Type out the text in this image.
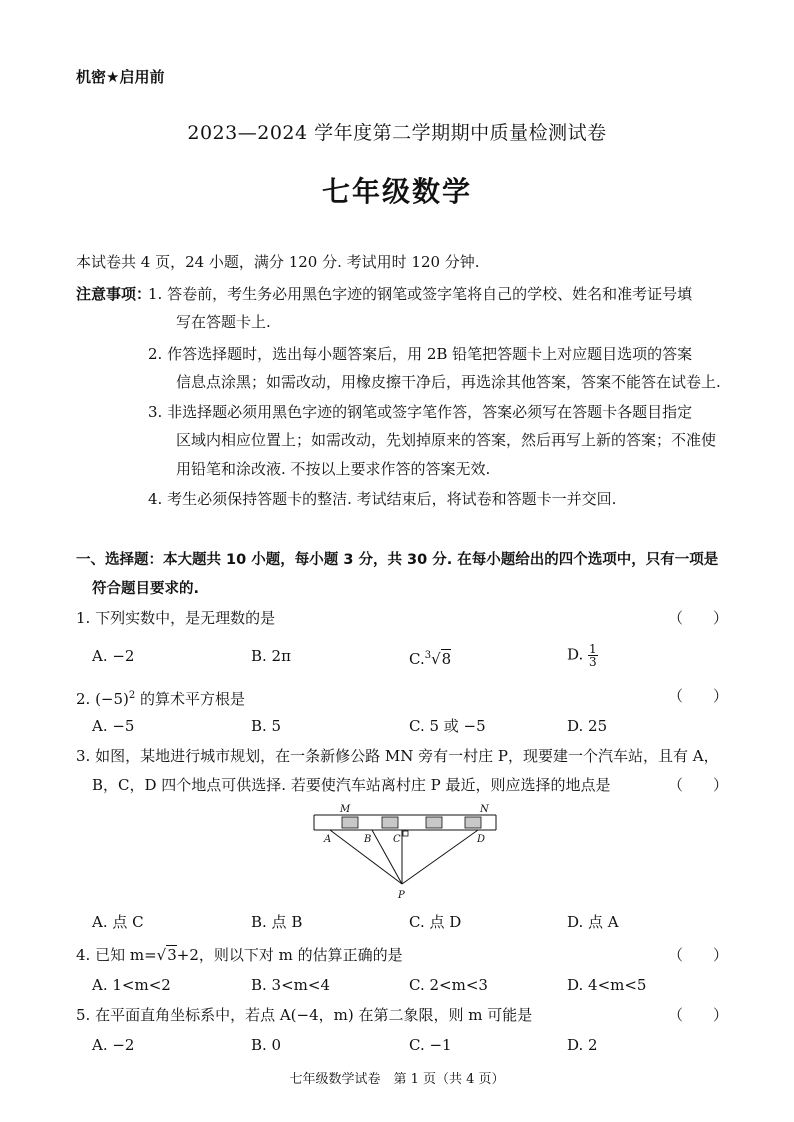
机密★启用前
2023—2024 学年度第二学期期中质量检测试卷
七年级数学
本试卷共 4 页，24 小题，满分 120 分. 考试用时 120 分钟.
注意事项：
1. 答卷前，考生务必用黑色字迹的钢笔或签字笔将自己的学校、姓名和准考证号填
写在答题卡上.
2. 作答选择题时，选出每小题答案后，用 2B 铅笔把答题卡上对应题目选项的答案
信息点涂黑；如需改动，用橡皮擦干净后，再选涂其他答案，答案不能答在试卷上.
3. 非选择题必须用黑色字迹的钢笔或签字笔作答，答案必须写在答题卡各题目指定
区域内相应位置上；如需改动，先划掉原来的答案，然后再写上新的答案；不准使
用铅笔和涂改液. 不按以上要求作答的答案无效.
4. 考生必须保持答题卡的整洁. 考试结束后，将试卷和答题卡一并交回.
一、选择题：本大题共 10 小题，每小题 3 分，共 30 分. 在每小题给出的四个选项中，只有一项是
符合题目要求的.
1. 下列实数中，是无理数的是	（　　）
A. −2	B. 2π	C.$^3$√8	D. $\frac{1}{3}$
2. $(-5)^2$ 的算术平方根是	（　　）
A. −5	B. 5	C. 5 或 −5	D. 25
3. 如图，某地进行城市规划，在一条新修公路 MN 旁有一村庄 P，现要建一个汽车站，且有 A，
B，C，D 四个地点可供选择. 若要使汽车站离村庄 P 最近，则应选择的地点是	（　　）
M	N
A	B C	D
P
A. 点 C	B. 点 B	C. 点 D	D. 点 A
4. 已知 m=√3+2，则以下对 m 的估算正确的是	（　　）
A. 1<m<2	B. 3<m<4	C. 2<m<3	D. 4<m<5
5. 在平面直角坐标系中，若点 A(−4，m) 在第二象限，则 m 可能是	（　　）
A. −2	B. 0	C. −1	D. 2
七年级数学试卷　第 1 页（共 4 页）
